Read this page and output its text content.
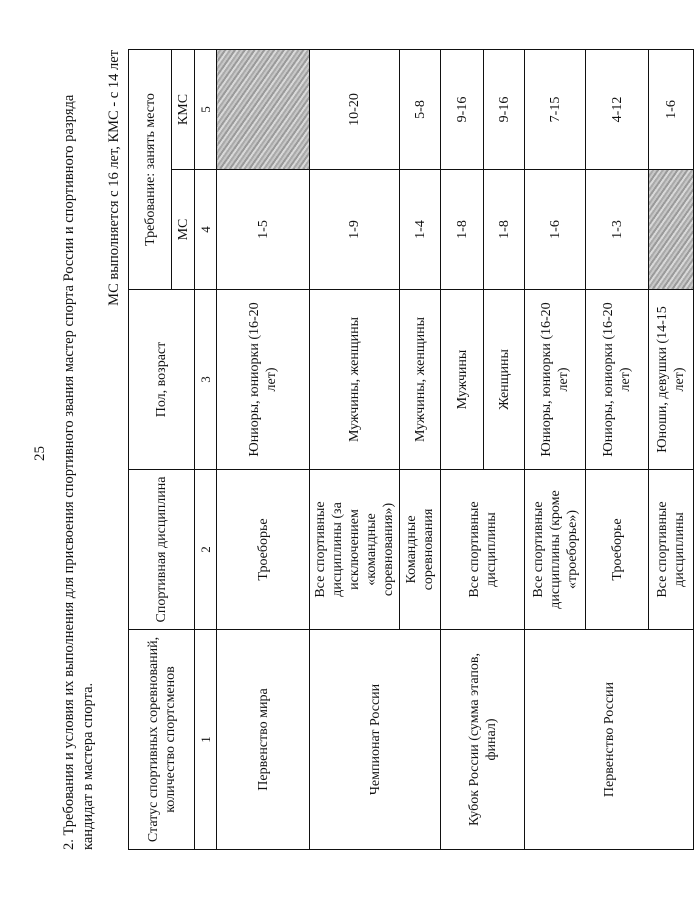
25 2. Требования и условия их выполнения для присвоения спортивного звания мастер спорта России и спортивного разряда кандидат в мастера спорта.
МС выполняется с 16 лет, КМС - с 14 лет
Статус спортивных соревнований, количество спортсменов	Спортивная дисциплина	Пол, возраст	Требование: занять место	
			МС	КМС
1	2	3	4	5
Первенство мира	Троеборье	Юниоры, юниорки (16-20 лет)	1-5	
Чемпионат России	Все спортивные дисциплины (за исключением «командные соревнования»)	Мужчины, женщины	1-9	10-20
	Командные соревнования	Мужчины, женщины	1-4	5-8
Кубок России (сумма этапов, финал)	Все спортивные дисциплины	Мужчины	1-8	9-16
		Женщины	1-8	9-16
Первенство России	Все спортивные дисциплины (кроме «троеборье»)	Юниоры, юниорки (16-20 лет)	1-6	7-15
	Троеборье	Юниоры, юниорки (16-20 лет)	1-3	4-12
	Все спортивные дисциплины	Юноши, девушки (14-15 лет)		1-6
